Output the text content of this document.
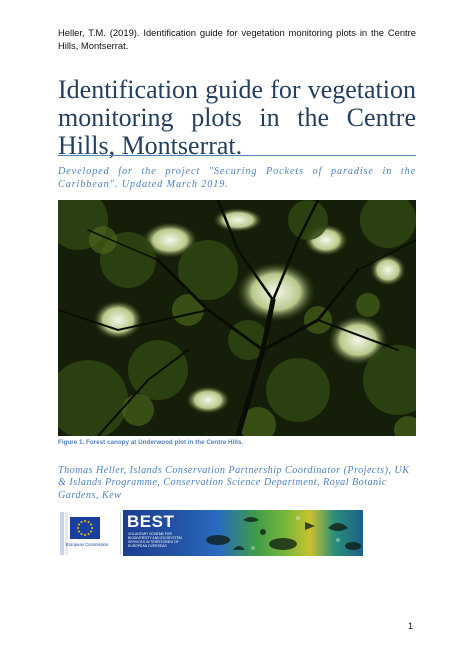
Heller, T.M. (2019). Identification guide for vegetation monitoring plots in the Centre Hills, Montserrat.
Identification guide for vegetation monitoring plots in the Centre Hills, Montserrat.
Developed for the project "Securing Pockets of paradise in the Caribbean". Updated March 2019.
Figure 1. Forest canopy at Underwood plot in the Centre Hills.
Thomas Heller, Islands Conservation Partnership Coordinator (Projects), UK & Islands Programme, Conservation Science Department, Royal Botanic Gardens, Kew
European Commission
BEST
VOLUNTARY SCHEME FOR BIODIVERSITY AND ECOSYSTEM SERVICES IN TERRITORIES OF EUROPEAN OVERSEAS
1
